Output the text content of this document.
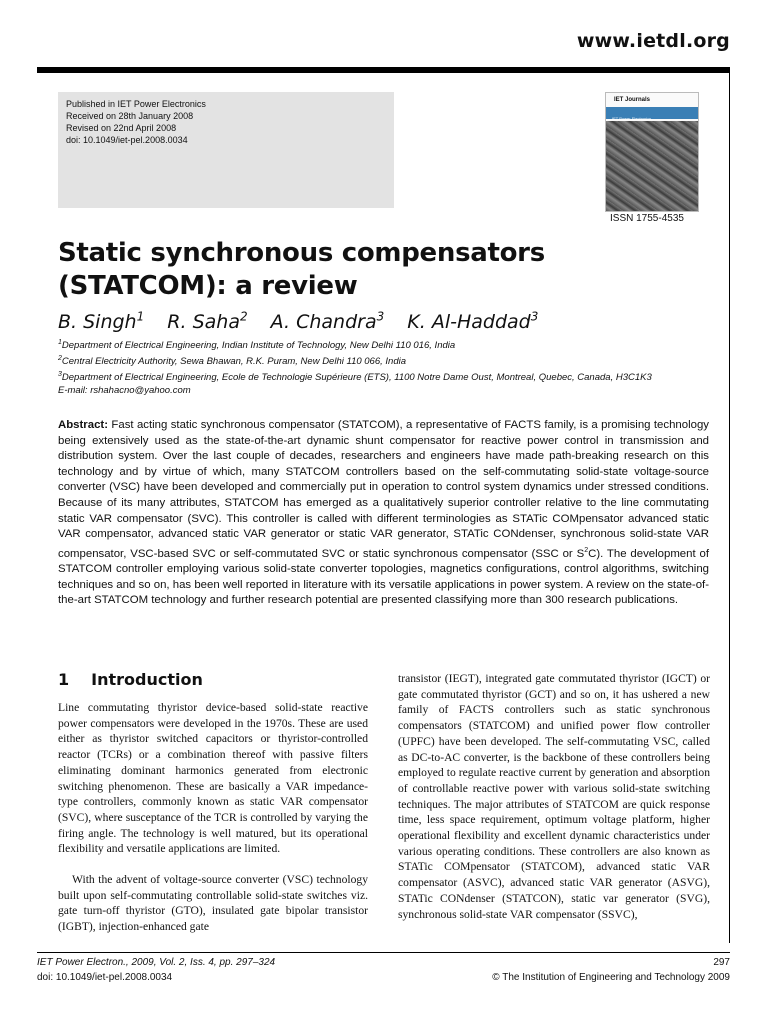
www.ietdl.org
Published in IET Power Electronics
Received on 28th January 2008
Revised on 22nd April 2008
doi: 10.1049/iet-pel.2008.0034
IET Journals
IET Power Electronics
ISSN 1755-4535
Static synchronous compensators
(STATCOM): a review
B. Singh$^1$ R. Saha$^2$ A. Chandra$^3$ K. Al-Haddad$^3$
$^1$Department of Electrical Engineering, Indian Institute of Technology, New Delhi 110 016, India
$^2$Central Electricity Authority, Sewa Bhawan, R.K. Puram, New Delhi 110 066, India
$^3$Department of Electrical Engineering, Ecole de Technologie Supérieure (ETS), 1100 Notre Dame Oust, Montreal, Quebec, Canada, H3C1K3
E-mail: rshahacno@yahoo.com
Abstract: Fast acting static synchronous compensator (STATCOM), a representative of FACTS family, is a promising technology being extensively used as the state-of-the-art dynamic shunt compensator for reactive power control in transmission and distribution system. Over the last couple of decades, researchers and engineers have made path-breaking research on this technology and by virtue of which, many STATCOM controllers based on the self-commutating solid-state voltage-source converter (VSC) have been developed and commercially put in operation to control system dynamics under stressed conditions. Because of its many attributes, STATCOM has emerged as a qualitatively superior controller relative to the line commutating static VAR compensator (SVC). This controller is called with different terminologies as STATic COMpensator advanced static VAR compensator, advanced static VAR generator or static VAR generator, STATic CONdenser, synchronous solid-state VAR compensator, VSC-based SVC or self-commutated SVC or static synchronous compensator (SSC or $S^2C$). The development of STATCOM controller employing various solid-state converter topologies, magnetics configurations, control algorithms, switching techniques and so on, has been well reported in literature with its versatile applications in power system. A review on the state-of-the-art STATCOM technology and further research potential are presented classifying more than 300 research publications.
1 Introduction

Line commutating thyristor device-based solid-state reactive power compensators were developed in the 1970s. These are used either as thyristor switched capacitors or thyristor-controlled reactor (TCRs) or a combination thereof with passive filters eliminating dominant harmonics generated from electronic switching phenomenon. These are basically a VAR impedance-type controllers, commonly known as static VAR compensator (SVC), where susceptance of the TCR is controlled by varying the firing angle. The technology is well matured, but its operational flexibility and versatile applications are limited.

With the advent of voltage-source converter (VSC) technology built upon self-commutating controllable solid-state switches viz. gate turn-off thyristor (GTO), insulated gate bipolar transistor (IGBT), injection-enhanced gate

transistor (IEGT), integrated gate commutated thyristor (IGCT) or gate commutated thyristor (GCT) and so on, it has ushered a new family of FACTS controllers such as static synchronous compensators (STATCOM) and unified power flow controller (UPFC) have been developed. The self-commutating VSC, called as DC-to-AC converter, is the backbone of these controllers being employed to regulate reactive current by generation and absorption of controllable reactive power with various solid-state switching techniques. The major attributes of STATCOM are quick response time, less space requirement, optimum voltage platform, higher operational flexibility and excellent dynamic characteristics under various operating conditions. These controllers are also known as STATic COMpensator (STATCOM), advanced static VAR compensator (ASVC), advanced static VAR generator (ASVG), STATic CONdenser (STATCON), static var generator (SVG), synchronous solid-state VAR compensator (SSVC),

IET Power Electron., 2009, Vol. 2, Iss. 4, pp. 297–324
doi: 10.1049/iet-pel.2008.0034
297
© The Institution of Engineering and Technology 2009
